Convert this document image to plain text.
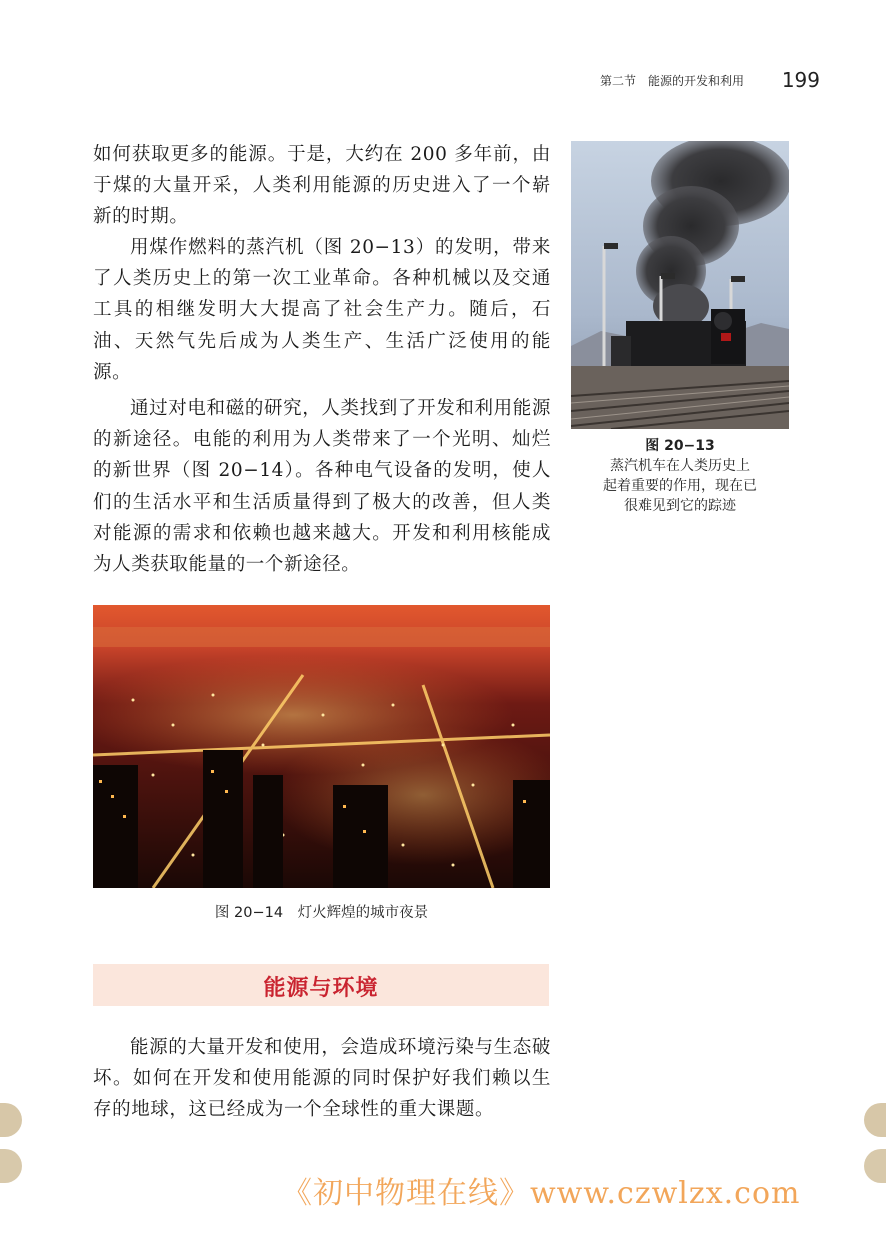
第二节　能源的开发和利用 199

如何获取更多的能源。于是，大约在 200 多年前，由于煤的大量开采，人类利用能源的历史进入了一个崭新的时期。

用煤作燃料的蒸汽机（图 20−13）的发明，带来了人类历史上的第一次工业革命。各种机械以及交通工具的相继发明大大提高了社会生产力。随后，石油、天然气先后成为人类生产、生活广泛使用的能源。

通过对电和磁的研究，人类找到了开发和利用能源的新途径。电能的利用为人类带来了一个光明、灿烂的新世界（图 20−14）。各种电气设备的发明，使人们的生活水平和生活质量得到了极大的改善，但人类对能源的需求和依赖也越来越大。开发和利用核能成为人类获取能量的一个新途径。

图 20−13
蒸汽机车在人类历史上
起着重要的作用，现在已
很难见到它的踪迹
图 20−14　灯火辉煌的城市夜景
能源与环境

能源的大量开发和使用，会造成环境污染与生态破坏。如何在开发和使用能源的同时保护好我们赖以生存的地球，这已经成为一个全球性的重大课题。

《初中物理在线》www.czwlzx.com
